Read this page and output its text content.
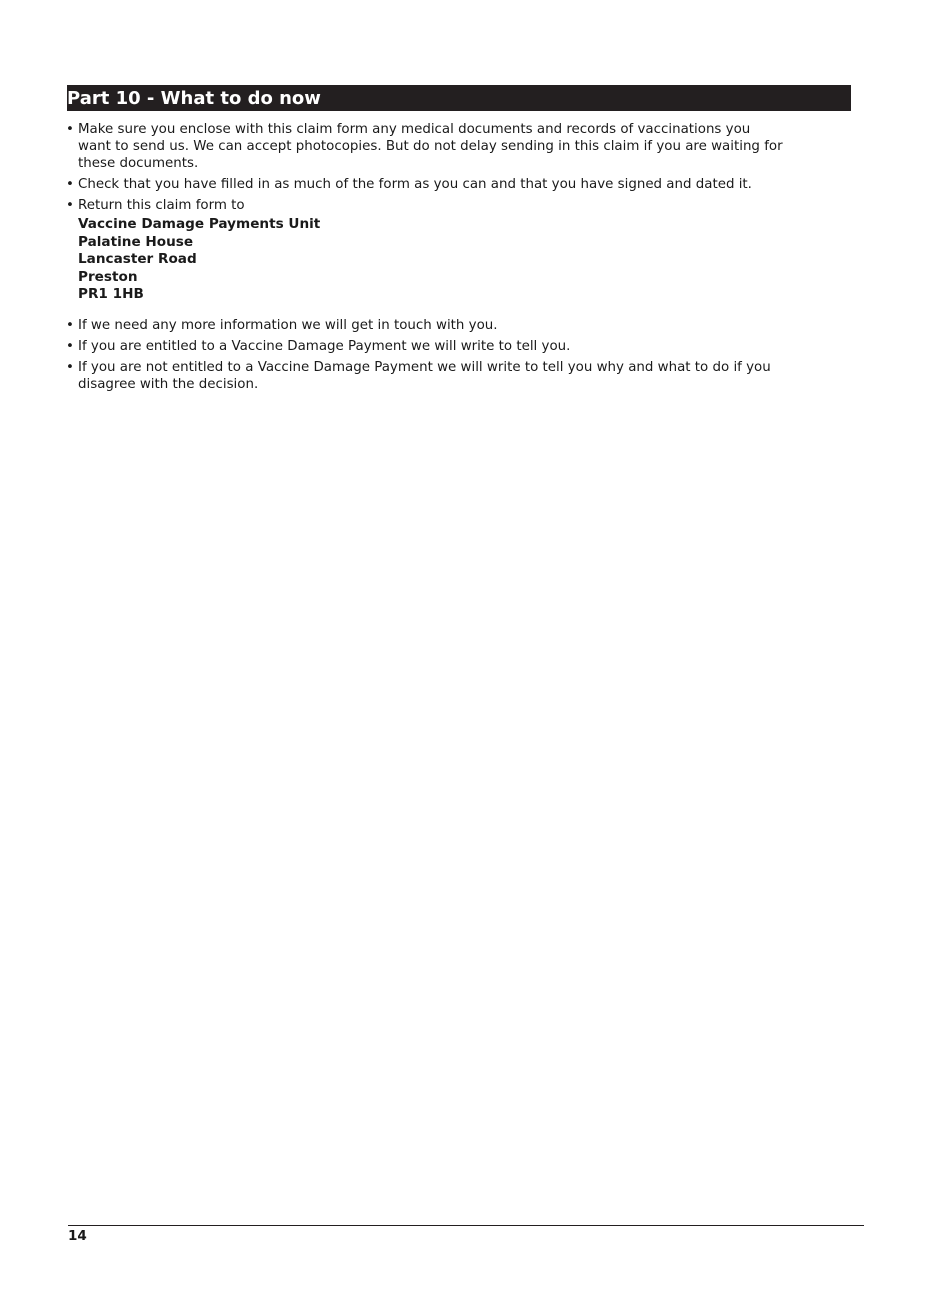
Part 10 - What to do now
• Make sure you enclose with this claim form any medical documents and records of vaccinations you want to send us. We can accept photocopies. But do not delay sending in this claim if you are waiting for these documents.
• Check that you have filled in as much of the form as you can and that you have signed and dated it.
• Return this claim form to
Vaccine Damage Payments Unit
Palatine House
Lancaster Road
Preston
PR1 1HB
• If we need any more information we will get in touch with you.
• If you are entitled to a Vaccine Damage Payment we will write to tell you.
• If you are not entitled to a Vaccine Damage Payment we will write to tell you why and what to do if you disagree with the decision.
14
